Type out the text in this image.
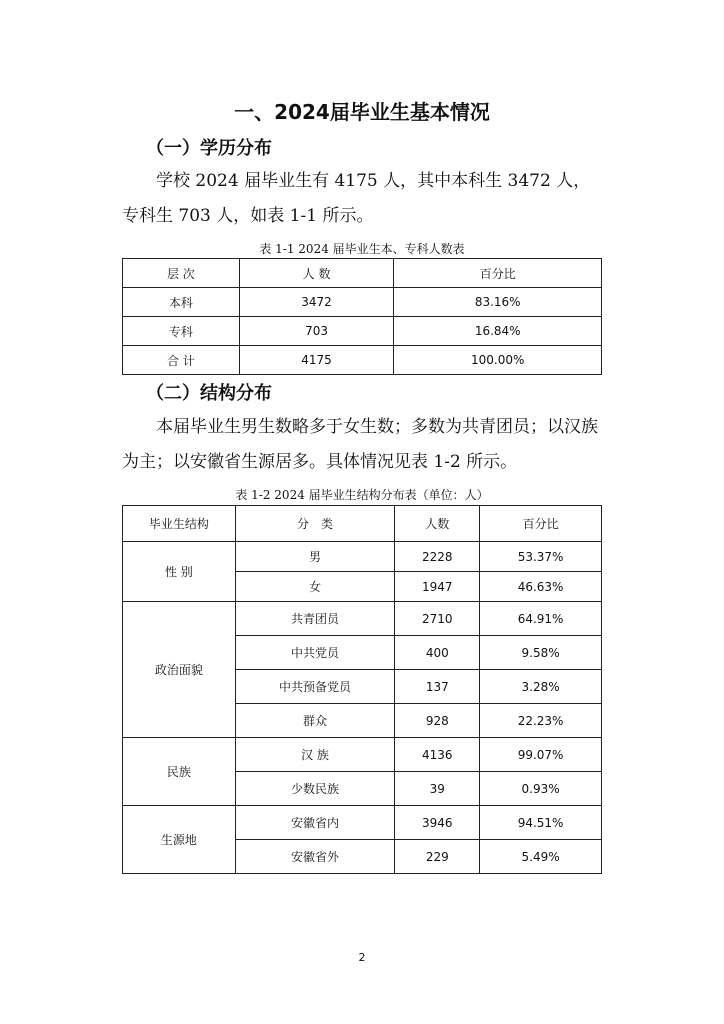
一、2024届毕业生基本情况
（一）学历分布
学校 2024 届毕业生有 4175 人，其中本科生 3472 人，专科生 703 人，如表 1-1 所示。
表 1-1 2024 届毕业生本、专科人数表
层 次	人 数	百分比
本科	3472	83.16%
专科	703	16.84%
合 计	4175	100.00%
（二）结构分布
本届毕业生男生数略多于女生数；多数为共青团员；以汉族为主；以安徽省生源居多。具体情况见表 1-2 所示。
表 1-2 2024 届毕业生结构分布表（单位：人）
毕业生结构	分　类	人数	百分比
性 别	男	2228	53.37%
	女	1947	46.63%
政治面貌	共青团员	2710	64.91%
	中共党员	400	9.58%
	中共预备党员	137	3.28%
	群众	928	22.23%
民族	汉 族	4136	99.07%
	少数民族	39	0.93%
生源地	安徽省内	3946	94.51%
	安徽省外	229	5.49%
2
